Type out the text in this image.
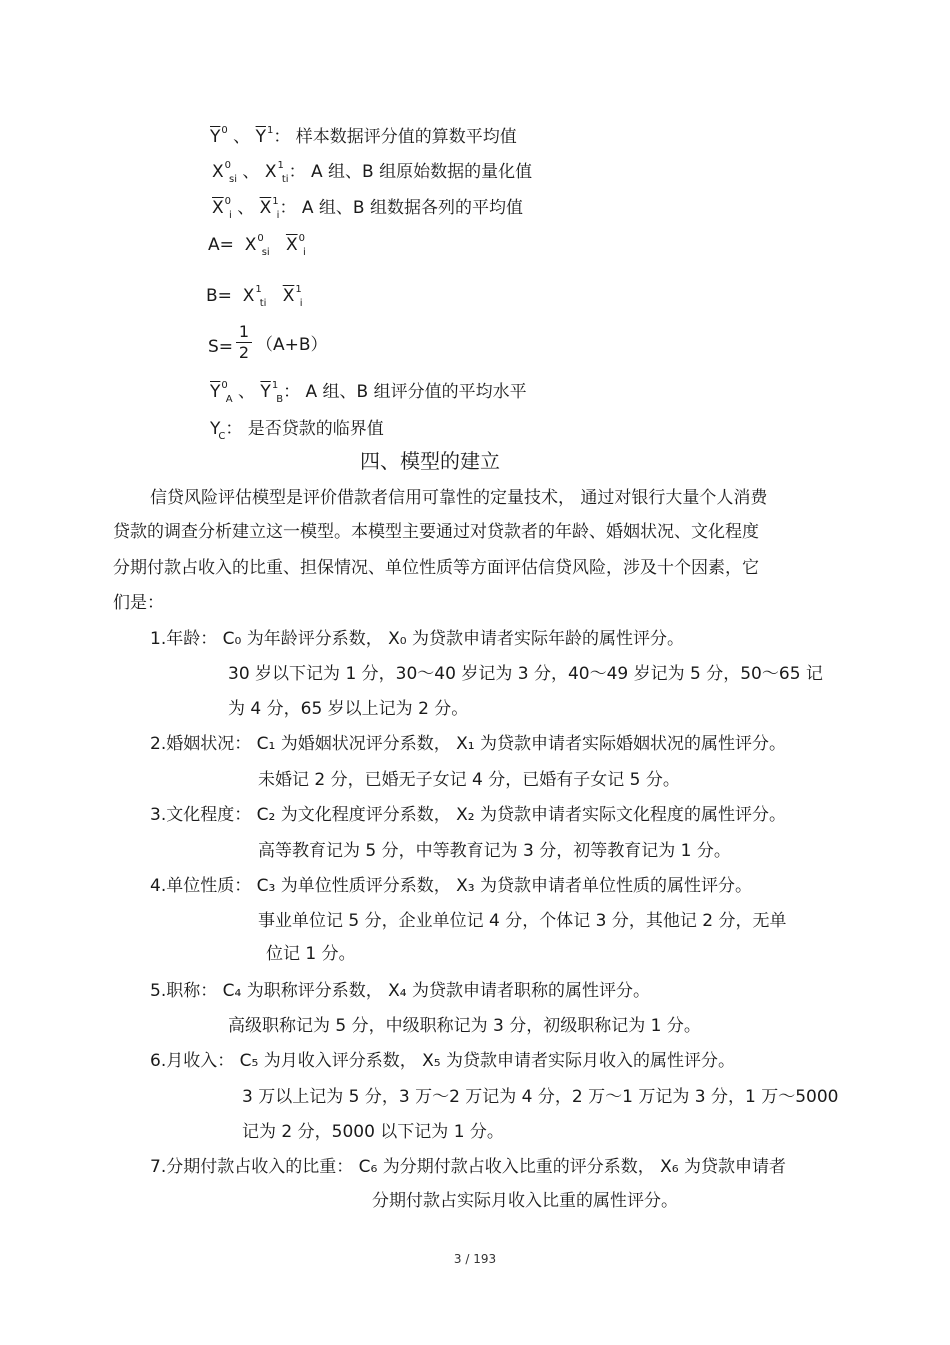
$\overline{Y}^0$ 、 $\overline{Y}^1$： 样本数据评分值的算数平均值
$X^0_{si}$ 、 $X^1_{ti}$： A 组、B 组原始数据的量化值
$\overline{X}^0_i$ 、 $\overline{X}^1_i$： A 组、B 组数据各列的平均值
$A= X^0_{si}$ $\overline{X}^0_i$
$B= X^1_{ti}$ $\overline{X}^1_i$
$S= \frac{1}{2} (A+B)$
$\overline{Y}^0_A$ 、 $\overline{Y}^1_B$： A 组、B 组评分值的平均水平
$Y_C$： 是否贷款的临界值
四、模型的建立
信贷风险评估模型是评价借款者信用可靠性的定量技术， 通过对银行大量个人消费
贷款的调查分析建立这一模型。本模型主要通过对贷款者的年龄、婚姻状况、文化程度
分期付款占收入的比重、担保情况、单位性质等方面评估信贷风险，涉及十个因素，它
们是：
1.年龄： C₀ 为年龄评分系数， X₀ 为贷款申请者实际年龄的属性评分。
30 岁以下记为 1 分，30～40 岁记为 3 分，40～49 岁记为 5 分，50～65 记
为 4 分，65 岁以上记为 2 分。
2.婚姻状况： C₁ 为婚姻状况评分系数， X₁ 为贷款申请者实际婚姻状况的属性评分。
未婚记 2 分，已婚无子女记 4 分，已婚有子女记 5 分。
3.文化程度： C₂ 为文化程度评分系数， X₂ 为贷款申请者实际文化程度的属性评分。
高等教育记为 5 分，中等教育记为 3 分，初等教育记为 1 分。
4.单位性质： C₃ 为单位性质评分系数， X₃ 为贷款申请者单位性质的属性评分。
事业单位记 5 分，企业单位记 4 分，个体记 3 分，其他记 2 分，无单
位记 1 分。
5.职称： C₄ 为职称评分系数， X₄ 为贷款申请者职称的属性评分。
高级职称记为 5 分，中级职称记为 3 分，初级职称记为 1 分。
6.月收入： C₅ 为月收入评分系数， X₅ 为贷款申请者实际月收入的属性评分。
3 万以上记为 5 分，3 万～2 万记为 4 分，2 万～1 万记为 3 分，1 万～5000
记为 2 分，5000 以下记为 1 分。
7.分期付款占收入的比重： C₆ 为分期付款占收入比重的评分系数， X₆ 为贷款申请者
分期付款占实际月收入比重的属性评分。
3 / 193
